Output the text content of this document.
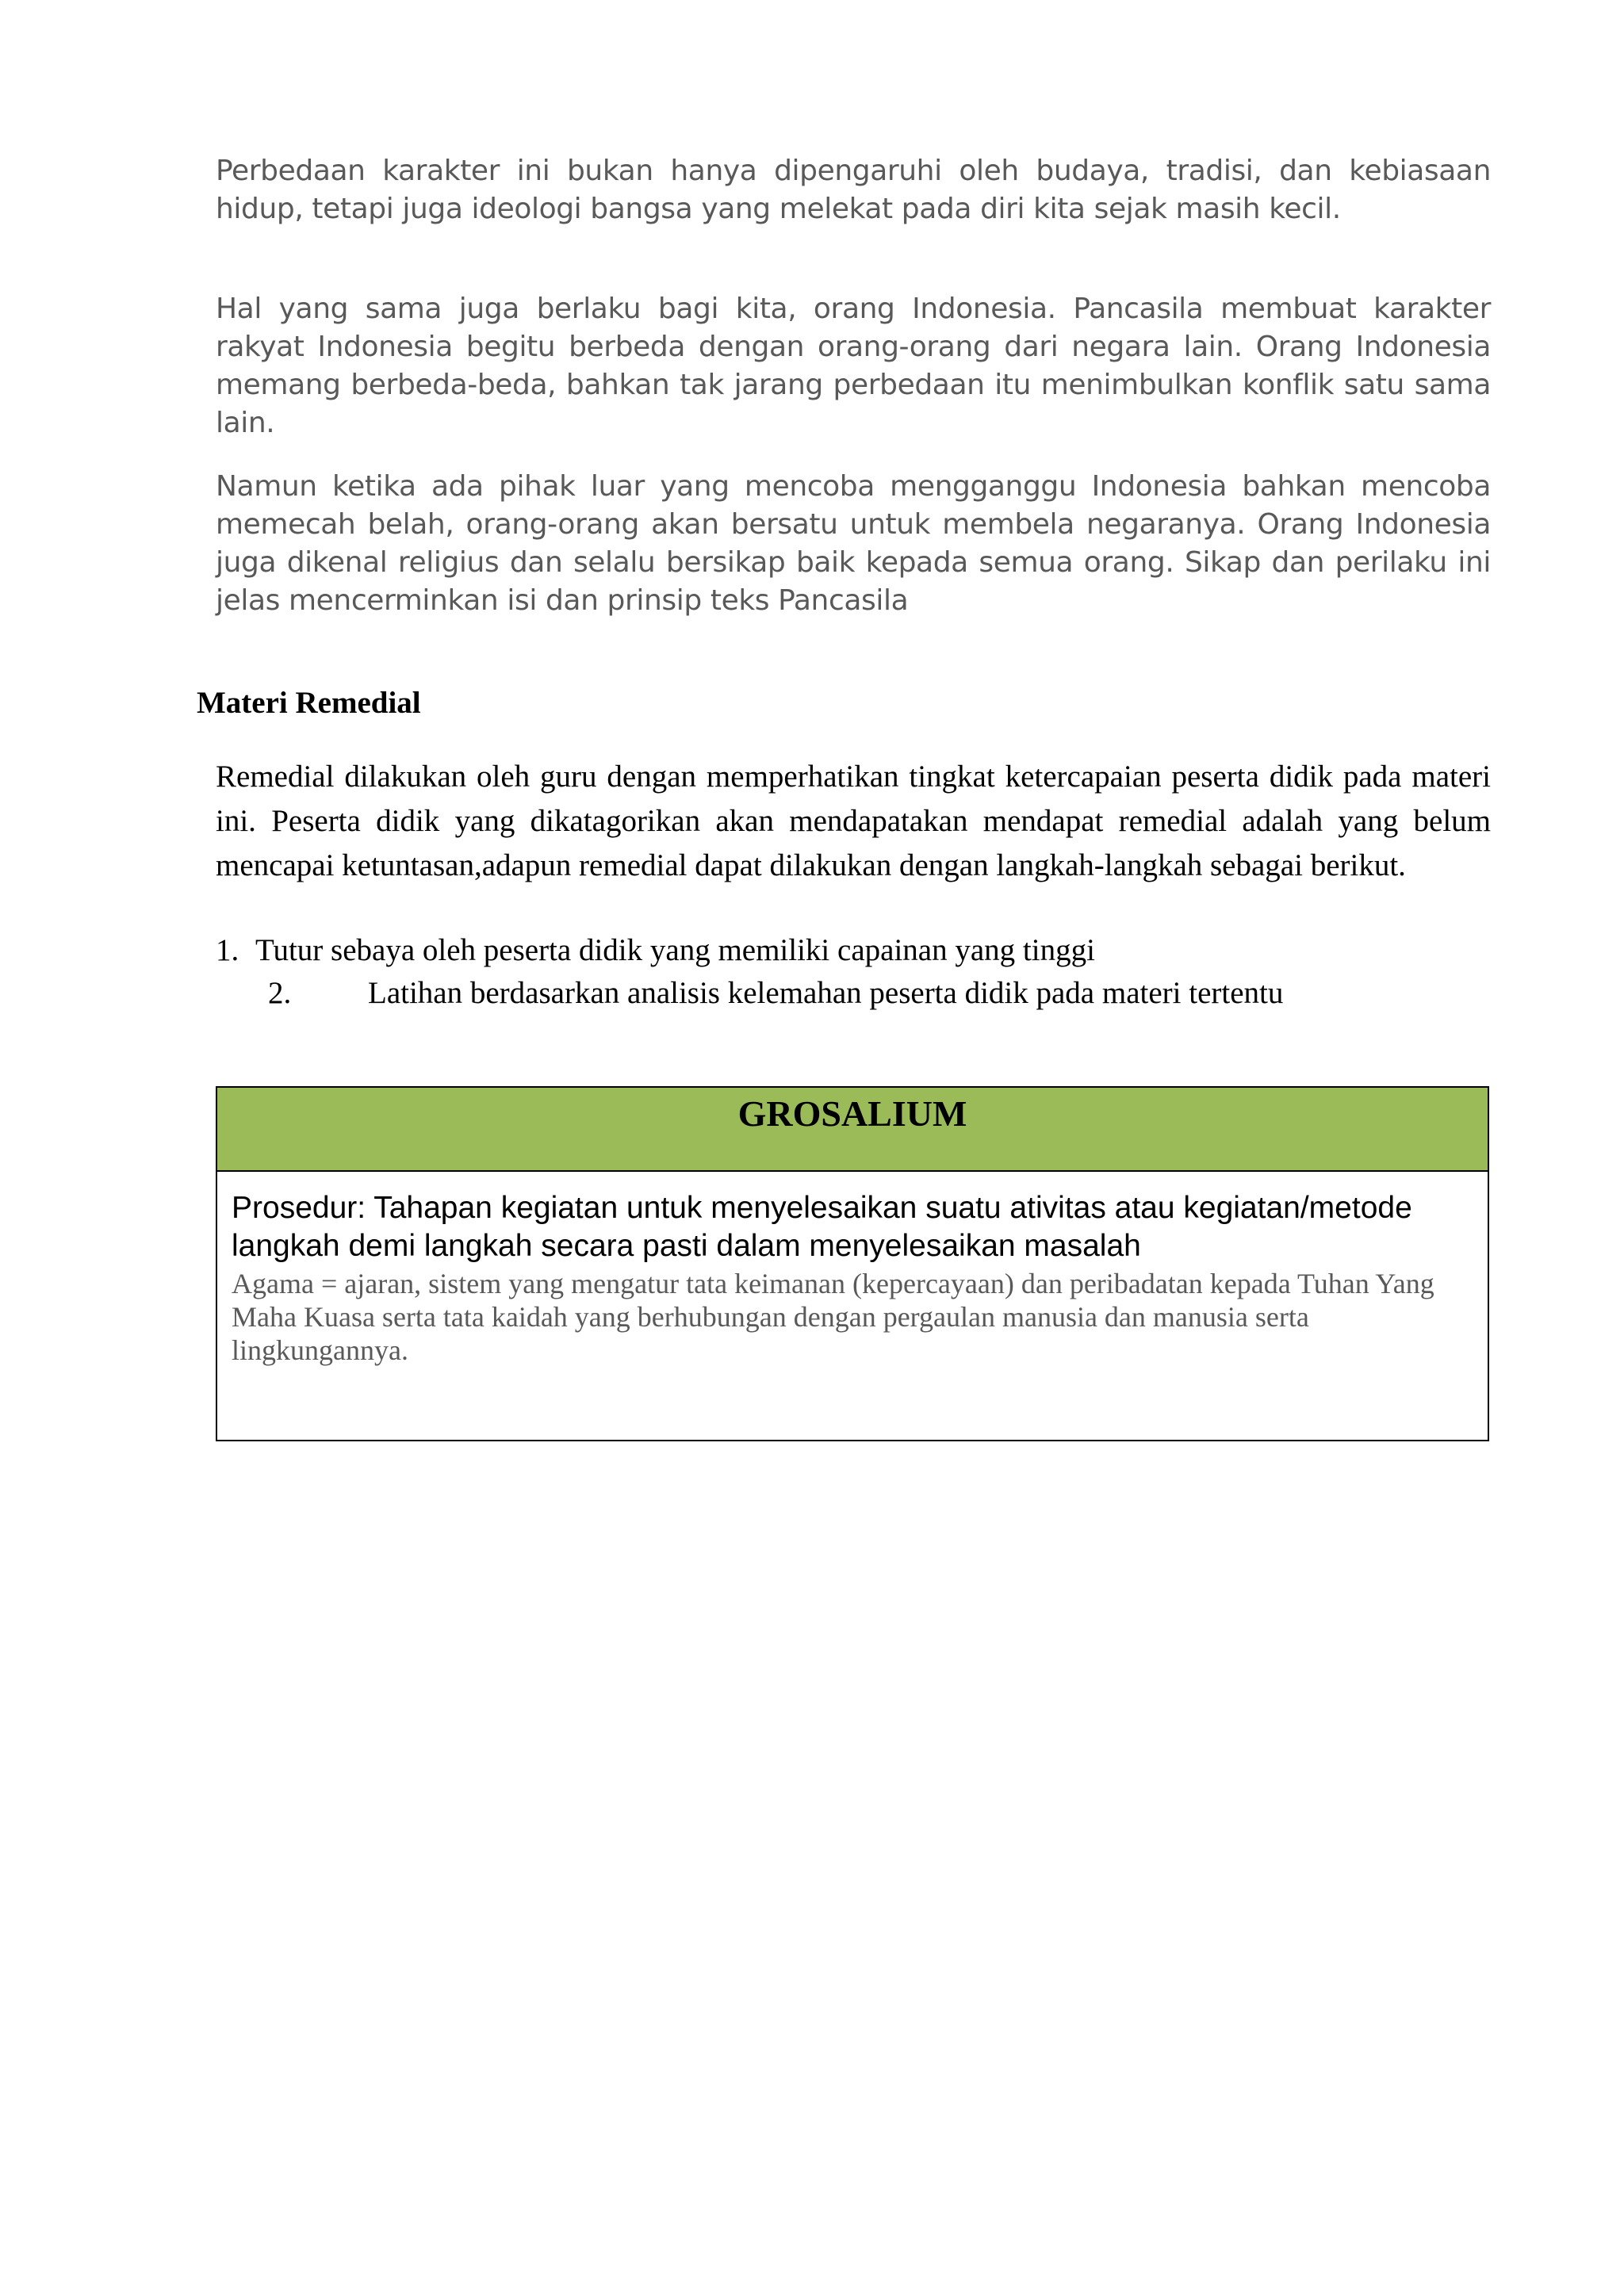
Perbedaan karakter ini bukan hanya dipengaruhi oleh budaya, tradisi, dan kebiasaan hidup, tetapi juga ideologi bangsa yang melekat pada diri kita sejak masih kecil.

Hal yang sama juga berlaku bagi kita, orang Indonesia. Pancasila membuat karakter rakyat Indonesia begitu berbeda dengan orang-orang dari negara lain. Orang Indonesia memang berbeda-beda, bahkan tak jarang perbedaan itu menimbulkan konflik satu sama lain.

Namun ketika ada pihak luar yang mencoba mengganggu Indonesia bahkan mencoba memecah belah, orang-orang akan bersatu untuk membela negaranya. Orang Indonesia juga dikenal religius dan selalu bersikap baik kepada semua orang. Sikap dan perilaku ini jelas mencerminkan isi dan prinsip teks Pancasila

Materi Remedial

Remedial dilakukan oleh guru dengan memperhatikan tingkat ketercapaian peserta didik pada materi ini. Peserta didik yang dikatagorikan akan mendapatakan mendapat remedial adalah yang belum mencapai ketuntasan,adapun remedial dapat dilakukan dengan langkah-langkah sebagai berikut.

1. Tutur sebaya oleh peserta didik yang memiliki capainan yang tinggi
2. Latihan berdasarkan analisis kelemahan peserta didik pada materi tertentu
GROSALIUM

Prosedur: Tahapan kegiatan untuk menyelesaikan suatu ativitas atau kegiatan/metode langkah demi langkah secara pasti dalam menyelesaikan masalah

Agama = ajaran, sistem yang mengatur tata keimanan (kepercayaan) dan peribadatan kepada Tuhan Yang Maha Kuasa serta tata kaidah yang berhubungan dengan pergaulan manusia dan manusia serta lingkungannya.
